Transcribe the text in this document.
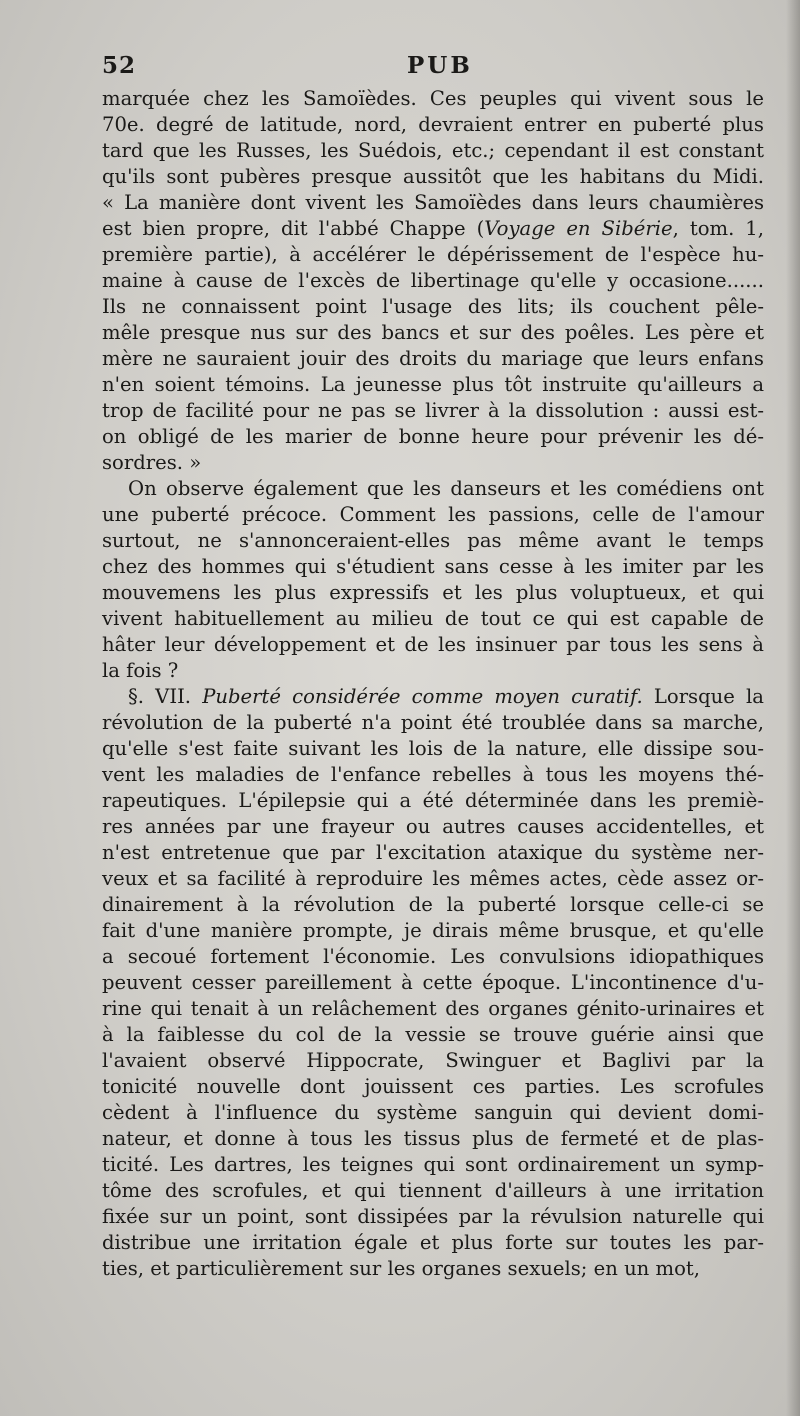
52	PUB
marquée chez les Samoïèdes. Ces peuples qui vivent sous le
70e. degré de latitude, nord, devraient entrer en puberté plus
tard que les Russes, les Suédois, etc.; cependant il est constant
qu'ils sont pubères presque aussitôt que les habitans du Midi.
« La manière dont vivent les Samoïèdes dans leurs chaumières
est bien propre, dit l'abbé Chappe (Voyage en Sibérie, tom. 1,
première partie), à accélérer le dépérissement de l'espèce hu-
maine à cause de l'excès de libertinage qu'elle y occasione......
Ils ne connaissent point l'usage des lits; ils couchent pêle-
mêle presque nus sur des bancs et sur des poêles. Les père et
mère ne sauraient jouir des droits du mariage que leurs enfans
n'en soient témoins. La jeunesse plus tôt instruite qu'ailleurs a
trop de facilité pour ne pas se livrer à la dissolution : aussi est-
on obligé de les marier de bonne heure pour prévenir les dé-
sordres. »
On observe également que les danseurs et les comédiens ont
une puberté précoce. Comment les passions, celle de l'amour
surtout, ne s'annonceraient-elles pas même avant le temps
chez des hommes qui s'étudient sans cesse à les imiter par les
mouvemens les plus expressifs et les plus voluptueux, et qui
vivent habituellement au milieu de tout ce qui est capable de
hâter leur développement et de les insinuer par tous les sens à
la fois ?
§. VII. Puberté considérée comme moyen curatif. Lorsque la
révolution de la puberté n'a point été troublée dans sa marche,
qu'elle s'est faite suivant les lois de la nature, elle dissipe sou-
vent les maladies de l'enfance rebelles à tous les moyens thé-
rapeutiques. L'épilepsie qui a été déterminée dans les premiè-
res années par une frayeur ou autres causes accidentelles, et
n'est entretenue que par l'excitation ataxique du système ner-
veux et sa facilité à reproduire les mêmes actes, cède assez or-
dinairement à la révolution de la puberté lorsque celle-ci se
fait d'une manière prompte, je dirais même brusque, et qu'elle
a secoué fortement l'économie. Les convulsions idiopathiques
peuvent cesser pareillement à cette époque. L'incontinence d'u-
rine qui tenait à un relâchement des organes génito-urinaires et
à la faiblesse du col de la vessie se trouve guérie ainsi que
l'avaient observé Hippocrate, Swinguer et Baglivi par la
tonicité nouvelle dont jouissent ces parties. Les scrofules
cèdent à l'influence du système sanguin qui devient domi-
nateur, et donne à tous les tissus plus de fermeté et de plas-
ticité. Les dartres, les teignes qui sont ordinairement un symp-
tôme des scrofules, et qui tiennent d'ailleurs à une irritation
fixée sur un point, sont dissipées par la révulsion naturelle qui
distribue une irritation égale et plus forte sur toutes les par-
ties, et particulièrement sur les organes sexuels; en un mot,
